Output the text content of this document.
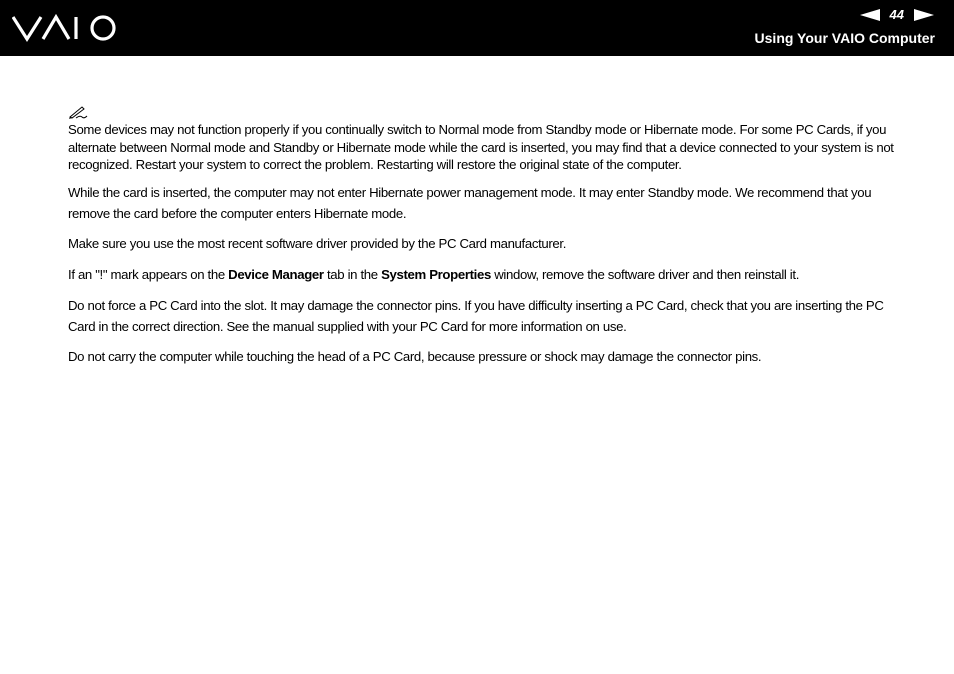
44
Using Your VAIO Computer

Some devices may not function properly if you continually switch to Normal mode from Standby mode or Hibernate mode. For some PC Cards, if you alternate between Normal mode and Standby or Hibernate mode while the card is inserted, you may find that a device connected to your system is not recognized. Restart your system to correct the problem. Restarting will restore the original state of the computer.

While the card is inserted, the computer may not enter Hibernate power management mode. It may enter Standby mode. We recommend that you remove the card before the computer enters Hibernate mode.

Make sure you use the most recent software driver provided by the PC Card manufacturer.

If an "!" mark appears on the Device Manager tab in the System Properties window, remove the software driver and then reinstall it.

Do not force a PC Card into the slot. It may damage the connector pins. If you have difficulty inserting a PC Card, check that you are inserting the PC Card in the correct direction. See the manual supplied with your PC Card for more information on use.

Do not carry the computer while touching the head of a PC Card, because pressure or shock may damage the connector pins.
